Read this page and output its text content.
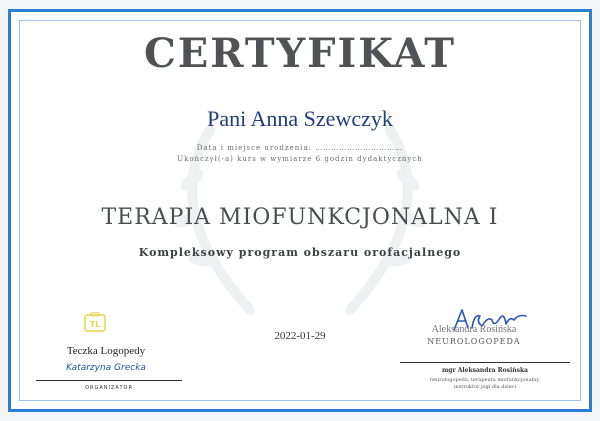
CERTYFIKAT
Pani Anna Szewczyk
Data i miejsce urodzenia: ……………………………
Ukończył(-a) kurs w wymiarze 6 godzin dydaktycznych
TERAPIA MIOFUNKCJONALNA I
Kompleksowy program obszaru orofacjalnego
2022-01-29
TL
Teczka Logopedy
Katarzyna Grecka
ORGANIZATOR
Aleksandra Rosińska
NEUROLOGOPEDA
mgr Aleksandra Rosińska
neurologopeda, terapeuta miofunkcjonalny,
instruktor jogi dla dzieci
